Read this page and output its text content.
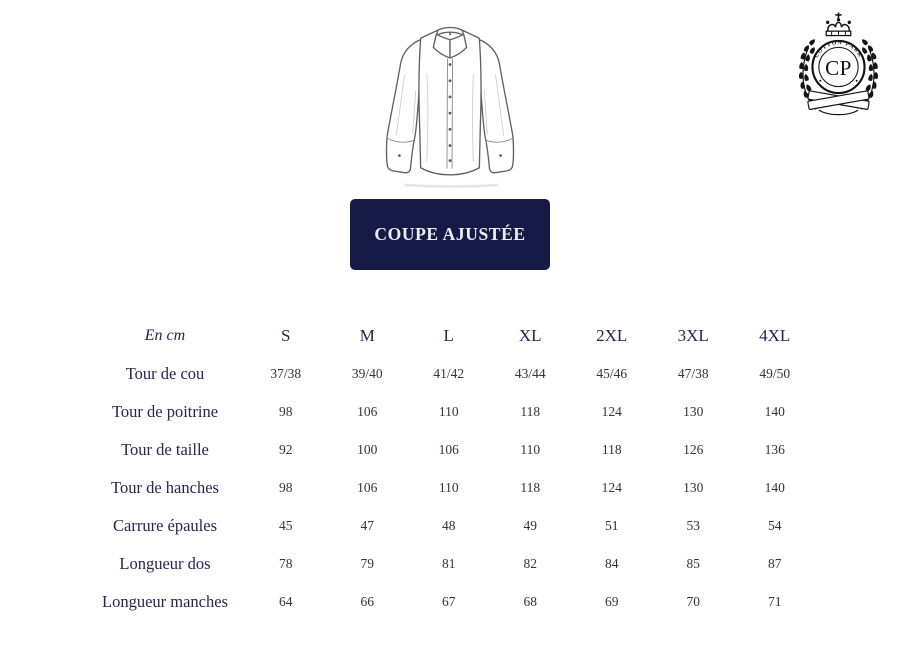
COTTON PARK
CP
COUPE AJUSTÉE
En cm	S	M	L	XL	2XL	3XL	4XL
Tour de cou	37/38	39/40	41/42	43/44	45/46	47/38	49/50
Tour de poitrine	98	106	110	118	124	130	140
Tour de taille	92	100	106	110	118	126	136
Tour de hanches	98	106	110	118	124	130	140
Carrure épaules	45	47	48	49	51	53	54
Longueur dos	78	79	81	82	84	85	87
Longueur manches	64	66	67	68	69	70	71
